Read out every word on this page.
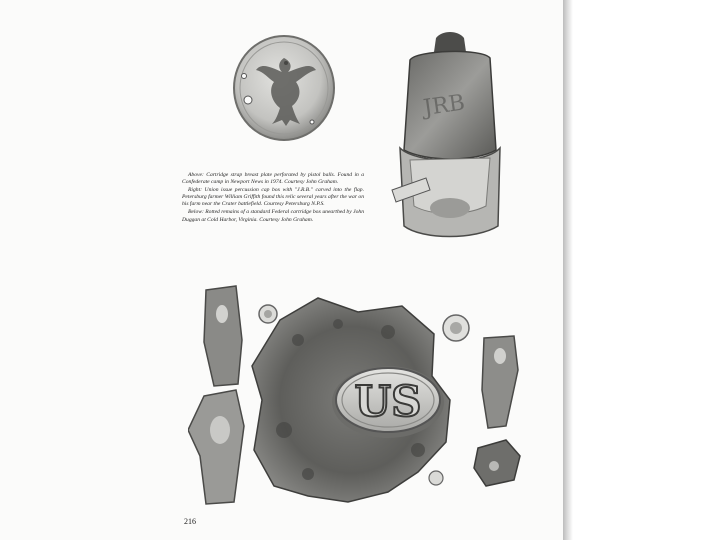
JRB

Above: Cartridge strap breast plate perforated by pistol balls. Found in a Confederate camp in Newport News in 1974. Courtesy John Graham.

Right: Union issue percussion cap box with "J.R.B." carved into the flap. Petersburg farmer William Griffith found this relic several years after the war on his farm near the Crater battlefield. Courtesy Petersburg N.P.S.

Below: Rotted remains of a standard Federal cartridge box unearthed by John Duggan at Cold Harbor, Virginia. Courtesy John Graham.

US
216
